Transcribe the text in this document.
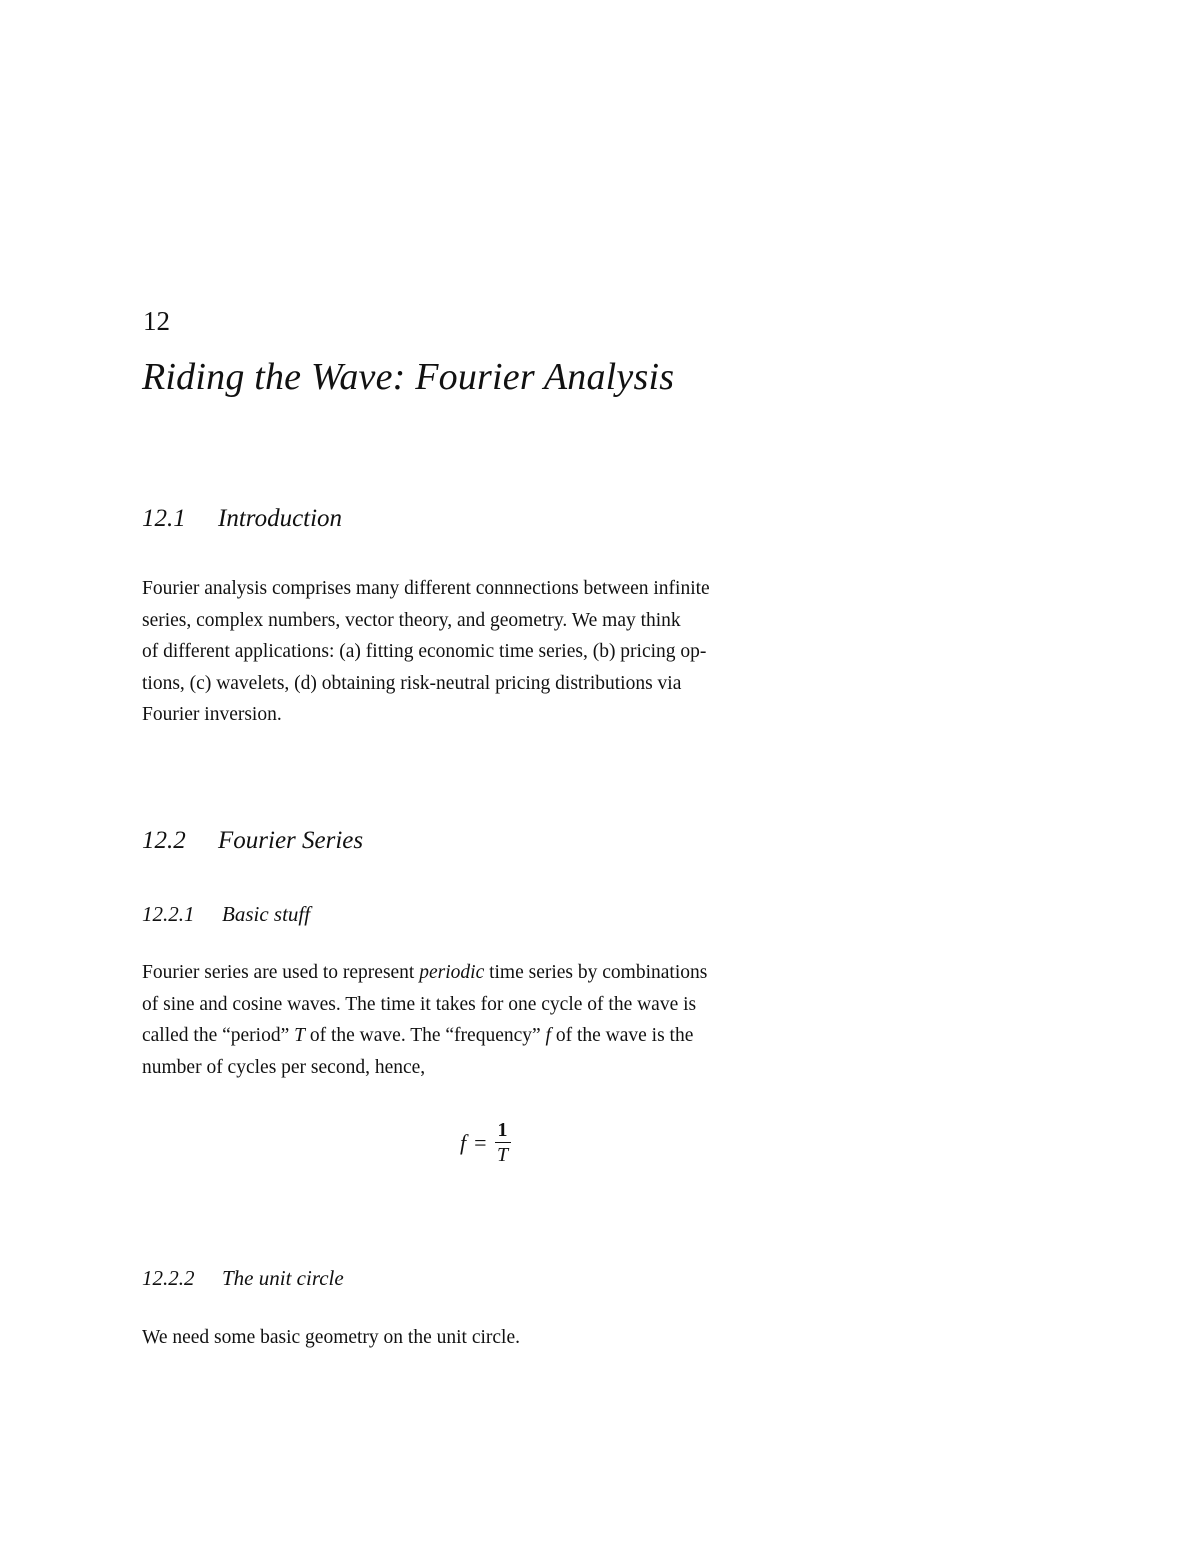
12
Riding the Wave: Fourier Analysis
12.1 Introduction

Fourier analysis comprises many different connnections between infinite

series, complex numbers, vector theory, and geometry. We may think

of different applications: (a) fitting economic time series, (b) pricing op-

tions, (c) wavelets, (d) obtaining risk-neutral pricing distributions via

Fourier inversion.

12.2 Fourier Series
12.2.1 Basic stuff

Fourier series are used to represent periodic time series by combinations

of sine and cosine waves. The time it takes for one cycle of the wave is

called the “period” T of the wave. The “frequency” f of the wave is the

number of cycles per second, hence,

$f = \frac{1}{T}$
12.2.2 The unit circle

We need some basic geometry on the unit circle.
